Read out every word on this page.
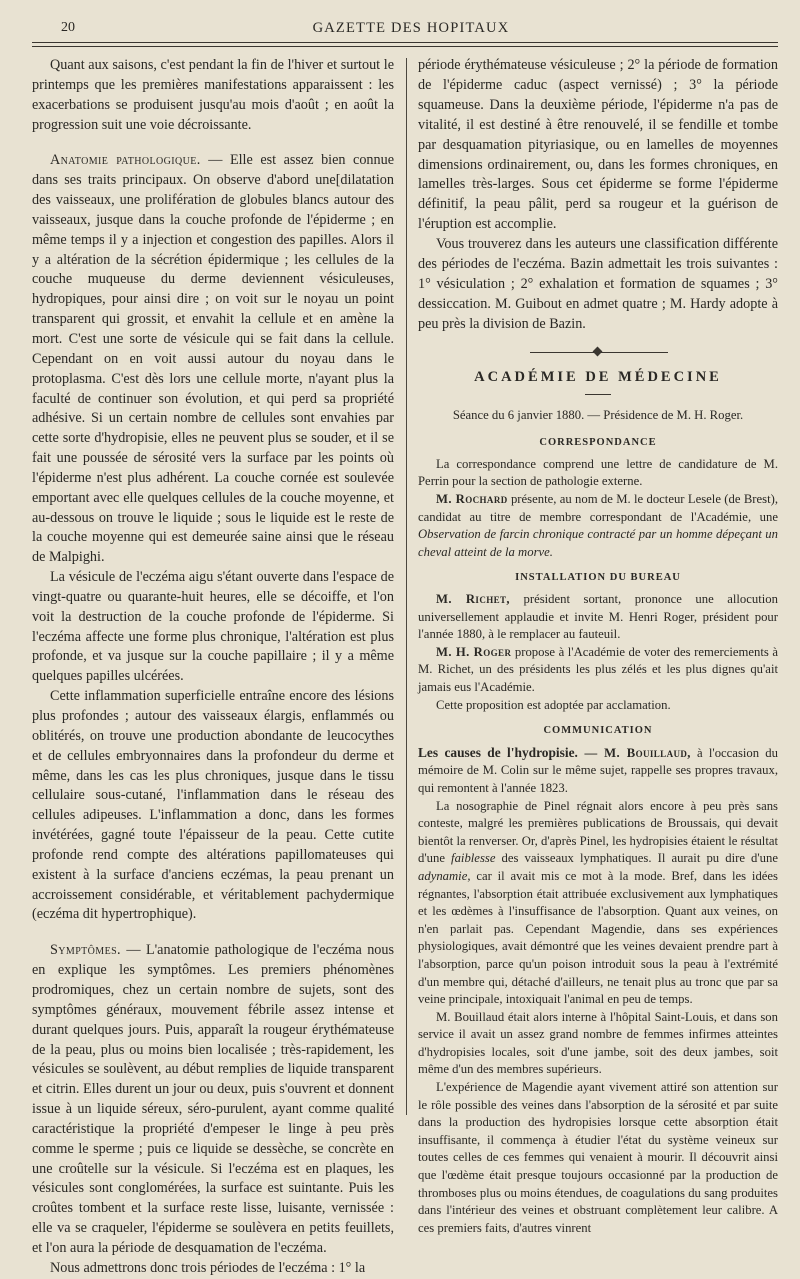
20	GAZETTE DES HOPITAUX

Quant aux saisons, c'est pendant la fin de l'hiver et surtout le printemps que les premières manifestations apparaissent : les exacerbations se produisent jusqu'au mois d'août ; en août la progression suit une voie décroissante.

Anatomie pathologique. — Elle est assez bien connue dans ses traits principaux. On observe d'abord une[dilatation des vaisseaux, une prolifération de globules blancs autour des vaisseaux, jusque dans la couche profonde de l'épiderme ; en même temps il y a injection et congestion des papilles. Alors il y a altération de la sécrétion épidermique ; les cellules de la couche muqueuse du derme deviennent vésiculeuses, hydropiques, pour ainsi dire ; on voit sur le noyau un point transparent qui grossit, et envahit la cellule et en amène la mort. C'est une sorte de vésicule qui se fait dans la cellule. Cependant on en voit aussi autour du noyau dans le protoplasma. C'est dès lors une cellule morte, n'ayant plus la faculté de continuer son évolution, et qui perd sa propriété adhésive. Si un certain nombre de cellules sont envahies par cette sorte d'hydropisie, elles ne peuvent plus se souder, et il se fait une poussée de sérosité vers la surface par les points où l'épiderme n'est plus adhérent. La couche cornée est soulevée emportant avec elle quelques cellules de la couche moyenne, et au-dessous on trouve le liquide ; sous le liquide est le reste de la couche moyenne qui est demeurée saine ainsi que le réseau de Malpighi.

La vésicule de l'eczéma aigu s'étant ouverte dans l'espace de vingt-quatre ou quarante-huit heures, elle se décoiffe, et l'on voit la destruction de la couche profonde de l'épiderme. Si l'eczéma affecte une forme plus chronique, l'altération est plus profonde, et va jusque sur la couche papillaire ; il y a même quelques papilles ulcérées.

Cette inflammation superficielle entraîne encore des lésions plus profondes ; autour des vaisseaux élargis, enflammés ou oblitérés, on trouve une production abondante de leucocythes et de cellules embryonnaires dans la profondeur du derme et même, dans les cas les plus chroniques, jusque dans le tissu cellulaire sous-cutané, l'inflammation dans le réseau des cellules adipeuses. L'inflammation a donc, dans les formes invétérées, gagné toute l'épaisseur de la peau. Cette cutite profonde rend compte des altérations papillomateuses qui existent à la surface d'anciens eczémas, la peau prenant un accroissement considérable, et véritablement pachydermique (eczéma dit hypertrophique).

Symptômes. — L'anatomie pathologique de l'eczéma nous en explique les symptômes. Les premiers phénomènes prodromiques, chez un certain nombre de sujets, sont des symptômes généraux, mouvement fébrile assez intense et durant quelques jours. Puis, apparaît la rougeur érythémateuse de la peau, plus ou moins bien localisée ; très-rapidement, les vésicules se soulèvent, au début remplies de liquide transparent et citrin. Elles durent un jour ou deux, puis s'ouvrent et donnent issue à un liquide séreux, séro-purulent, ayant comme qualité caractéristique la propriété d'empeser le linge à peu près comme le sperme ; puis ce liquide se dessèche, se concrète en une croûtelle sur la vésicule. Si l'eczéma est en plaques, les vésicules sont conglomérées, la surface est suintante. Puis les croûtes tombent et la surface reste lisse, luisante, vernissée : elle va se craqueler, l'épiderme se soulèvera en petits feuillets, et l'on aura la période de desquamation de l'eczéma.

Nous admettrons donc trois périodes de l'eczéma : 1° la

période érythémateuse vésiculeuse ; 2° la période de formation de l'épiderme caduc (aspect vernissé) ; 3° la période squameuse. Dans la deuxième période, l'épiderme n'a pas de vitalité, il est destiné à être renouvelé, il se fendille et tombe par desquamation pityriasique, ou en lamelles de moyennes dimensions ordinairement, ou, dans les formes chroniques, en lamelles très-larges. Sous cet épiderme se forme l'épiderme définitif, la peau pâlit, perd sa rougeur et la guérison de l'éruption est accomplie.

Vous trouverez dans les auteurs une classification différente des périodes de l'eczéma. Bazin admettait les trois suivantes : 1° vésiculation ; 2° exhalation et formation de squames ; 3° dessiccation. M. Guibout en admet quatre ; M. Hardy adopte à peu près la division de Bazin.

ACADÉMIE DE MÉDECINE

Séance du 6 janvier 1880. — Présidence de M. H. Roger.

CORRESPONDANCE

La correspondance comprend une lettre de candidature de M. Perrin pour la section de pathologie externe.

M. Rochard présente, au nom de M. le docteur Lesele (de Brest), candidat au titre de membre correspondant de l'Académie, une Observation de farcin chronique contracté par un homme dépeçant un cheval atteint de la morve.

INSTALLATION DU BUREAU

M. Richet, président sortant, prononce une allocution universellement applaudie et invite M. Henri Roger, président pour l'année 1880, à le remplacer au fauteuil.

M. H. Roger propose à l'Académie de voter des remerciements à M. Richet, un des présidents les plus zélés et les plus dignes qu'ait jamais eus l'Académie.

Cette proposition est adoptée par acclamation.

COMMUNICATION

Les causes de l'hydropisie. — M. Bouillaud, à l'occasion du mémoire de M. Colin sur le même sujet, rappelle ses propres travaux, qui remontent à l'année 1823.

La nosographie de Pinel régnait alors encore à peu près sans conteste, malgré les premières publications de Broussais, qui devait bientôt la renverser. Or, d'après Pinel, les hydropisies étaient le résultat d'une faiblesse des vaisseaux lymphatiques. Il aurait pu dire d'une adynamie, car il avait mis ce mot à la mode. Bref, dans les idées régnantes, l'absorption était attribuée exclusivement aux lymphatiques et les œdèmes à l'insuffisance de l'absorption. Quant aux veines, on n'en parlait pas. Cependant Magendie, dans ses expériences physiologiques, avait démontré que les veines devaient prendre part à l'absorption, parce qu'un poison introduit sous la peau à l'extrémité d'un membre qui, détaché d'ailleurs, ne tenait plus au tronc que par sa veine principale, intoxiquait l'animal en peu de temps.

M. Bouillaud était alors interne à l'hôpital Saint-Louis, et dans son service il avait un assez grand nombre de femmes infirmes atteintes d'hydropisies locales, soit d'une jambe, soit des deux jambes, soit même d'un des membres supérieurs.

L'expérience de Magendie ayant vivement attiré son attention sur le rôle possible des veines dans l'absorption de la sérosité et par suite dans la production des hydropisies lorsque cette absorption était insuffisante, il commença à étudier l'état du système veineux sur toutes celles de ces femmes qui venaient à mourir. Il découvrit ainsi que l'œdème était presque toujours occasionné par la production de thromboses plus ou moins étendues, de coagulations du sang produites dans l'intérieur des veines et obstruant complètement leur calibre. A ces premiers faits, d'autres vinrent
